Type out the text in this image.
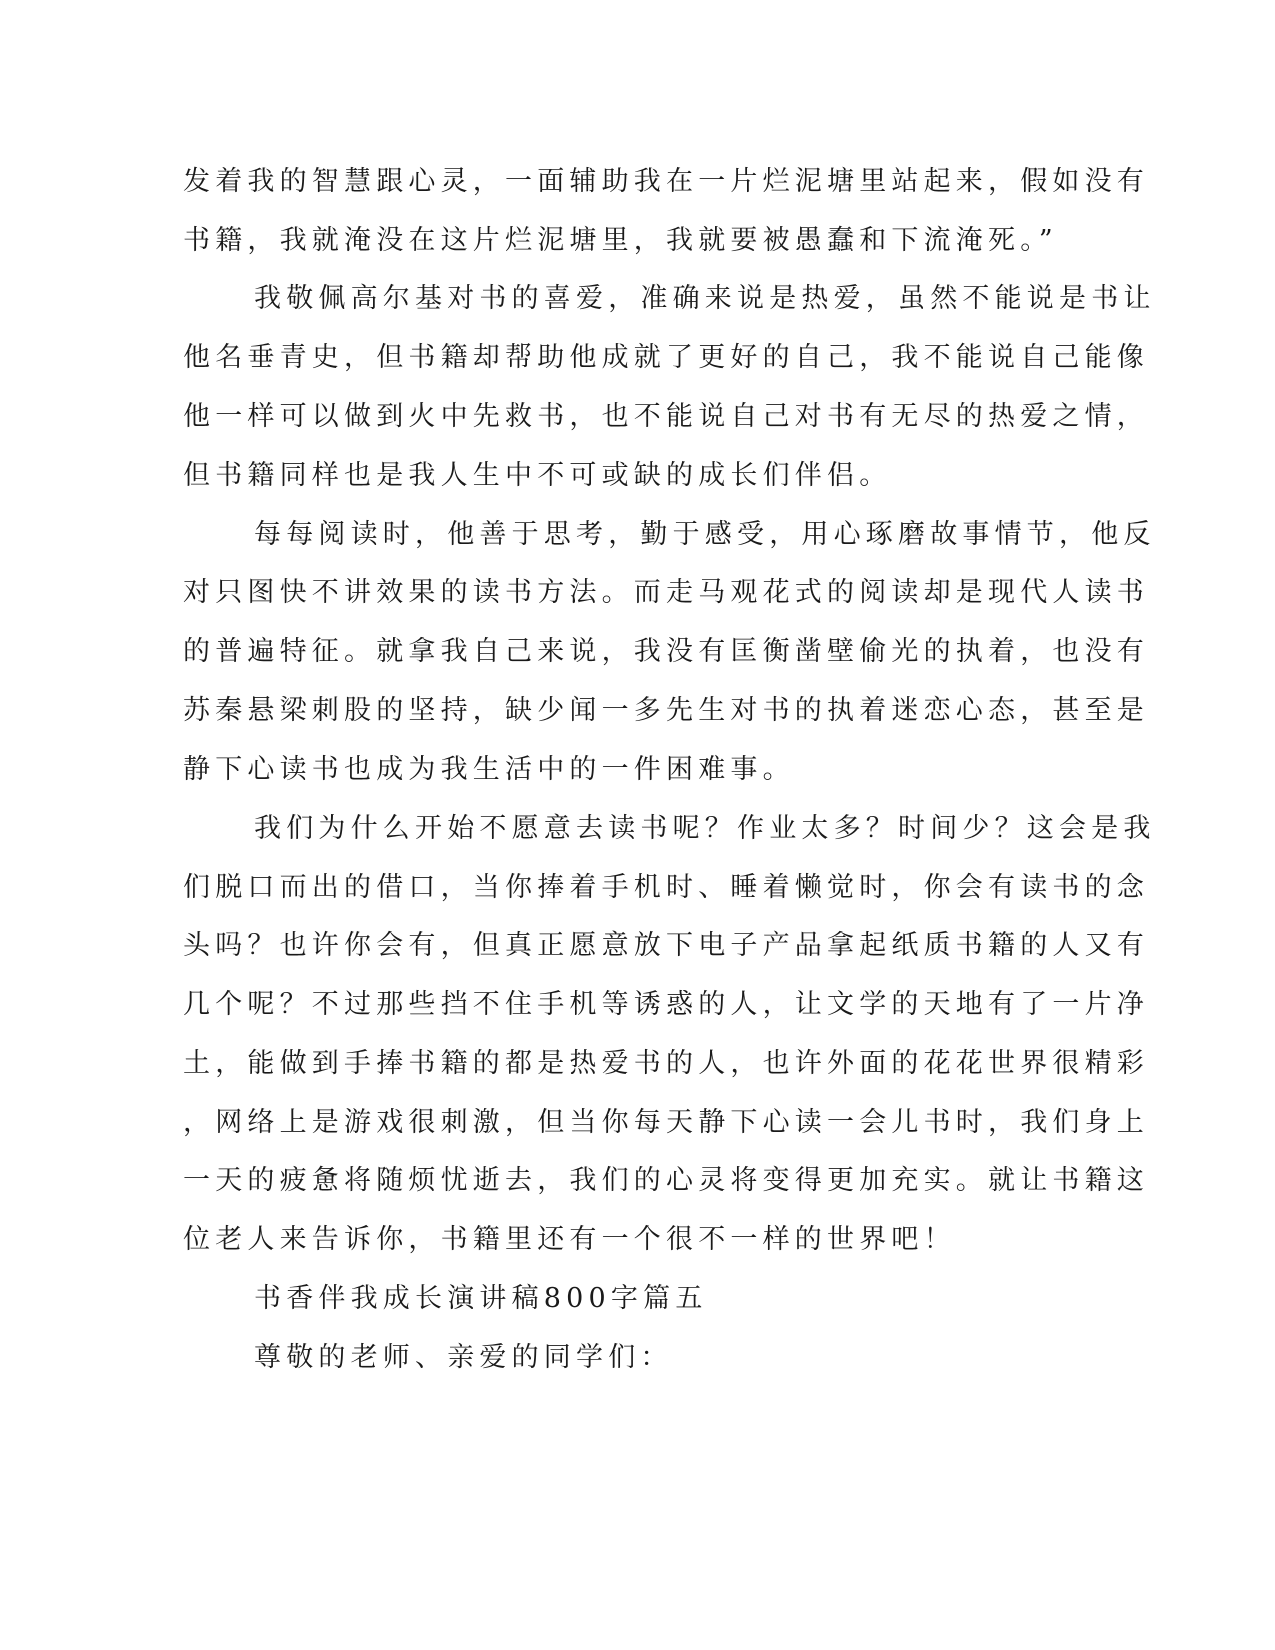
发着我的智慧跟心灵，一面辅助我在一片烂泥塘里站起来，假如没有
书籍，我就淹没在这片烂泥塘里，我就要被愚蠢和下流淹死。”
我敬佩高尔基对书的喜爱，准确来说是热爱，虽然不能说是书让
他名垂青史，但书籍却帮助他成就了更好的自己，我不能说自己能像
他一样可以做到火中先救书，也不能说自己对书有无尽的热爱之情，
但书籍同样也是我人生中不可或缺的成长们伴侣。
每每阅读时，他善于思考，勤于感受，用心琢磨故事情节，他反
对只图快不讲效果的读书方法。而走马观花式的阅读却是现代人读书
的普遍特征。就拿我自己来说，我没有匡衡凿壁偷光的执着，也没有
苏秦悬梁刺股的坚持，缺少闻一多先生对书的执着迷恋心态，甚至是
静下心读书也成为我生活中的一件困难事。
我们为什么开始不愿意去读书呢？作业太多？时间少？这会是我
们脱口而出的借口，当你捧着手机时、睡着懒觉时，你会有读书的念
头吗？也许你会有，但真正愿意放下电子产品拿起纸质书籍的人又有
几个呢？不过那些挡不住手机等诱惑的人，让文学的天地有了一片净
土，能做到手捧书籍的都是热爱书的人，也许外面的花花世界很精彩
，网络上是游戏很刺激，但当你每天静下心读一会儿书时，我们身上
一天的疲惫将随烦忧逝去，我们的心灵将变得更加充实。就让书籍这
位老人来告诉你，书籍里还有一个很不一样的世界吧！
书香伴我成长演讲稿800字篇五
尊敬的老师、亲爱的同学们：
